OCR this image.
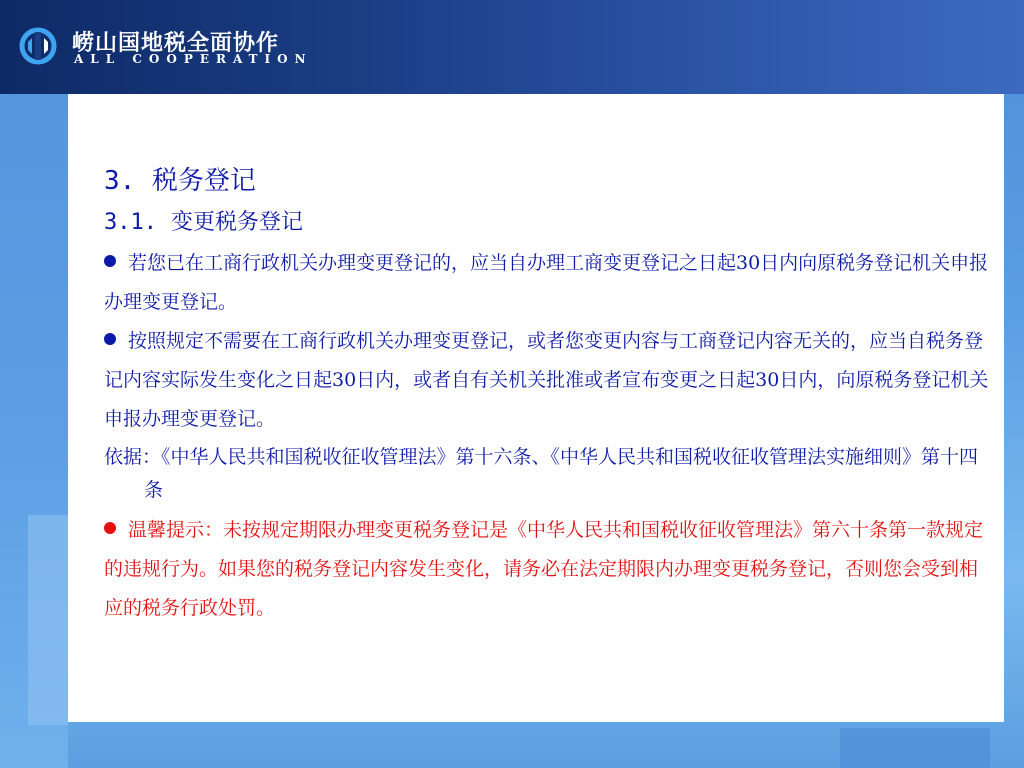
崂山国地税全面协作
ALL COOPERATION
3. 税务登记
3.1. 变更税务登记

若您已在工商行政机关办理变更登记的，应当自办理工商变更登记之日起30日内向原税务登记机关申报办理变更登记。

按照规定不需要在工商行政机关办理变更登记，或者您变更内容与工商登记内容无关的，应当自税务登记内容实际发生变化之日起30日内，或者自有关机关批准或者宣布变更之日起30日内，向原税务登记机关申报办理变更登记。

依据：《中华人民共和国税收征收管理法》第十六条、《中华人民共和国税收征收管理法实施细则》第十四条

温馨提示：未按规定期限办理变更税务登记是《中华人民共和国税收征收管理法》第六十条第一款规定的违规行为。如果您的税务登记内容发生变化，请务必在法定期限内办理变更税务登记，否则您会受到相应的税务行政处罚。
